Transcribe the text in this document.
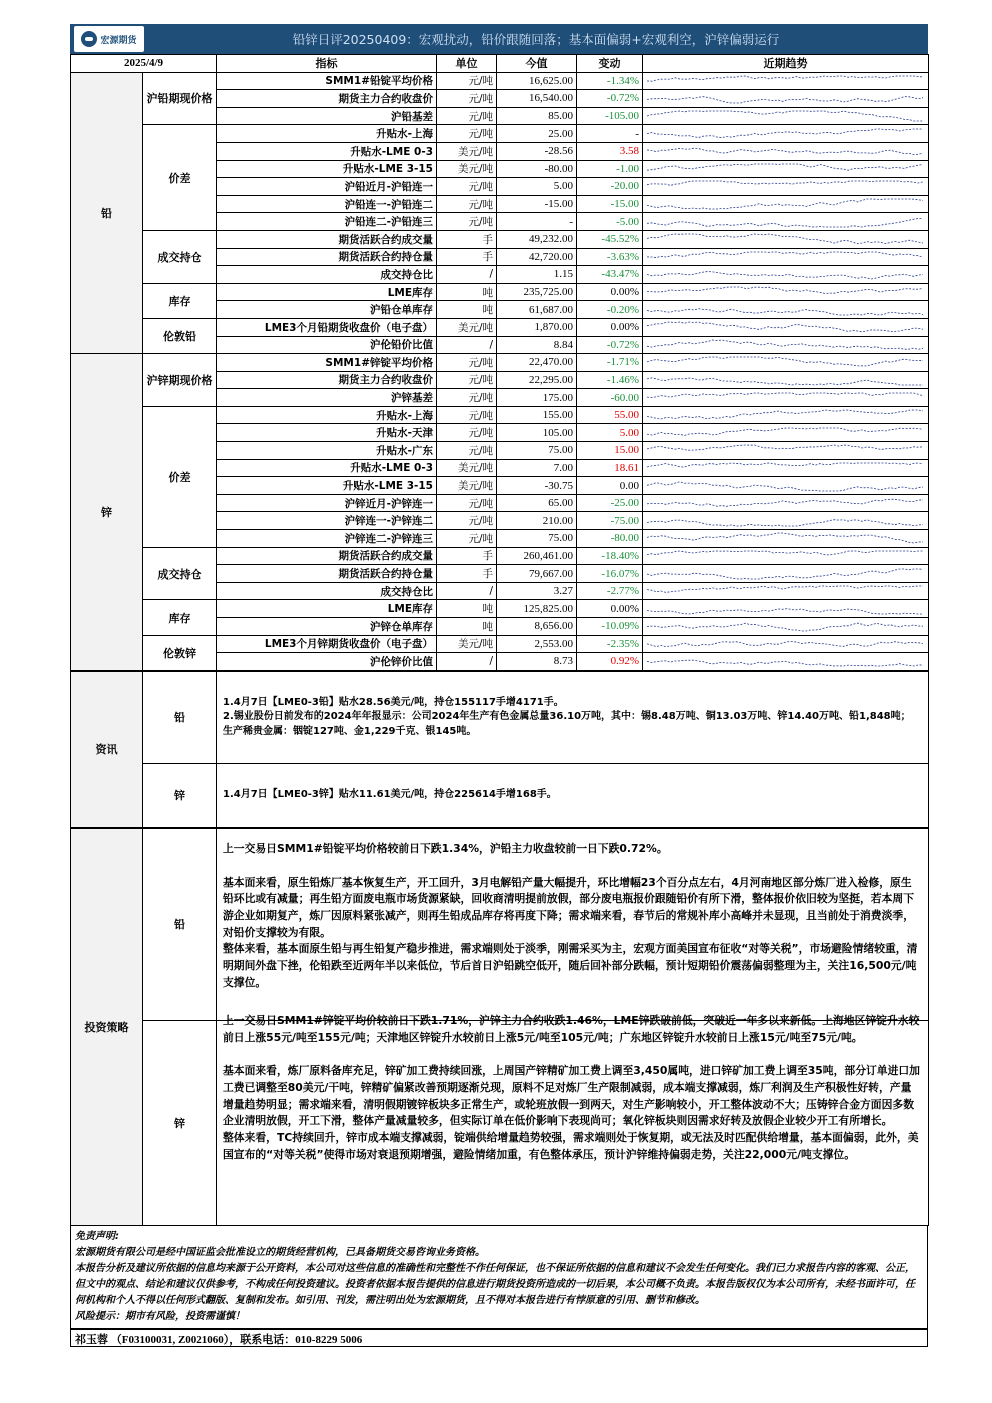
宏源期货	铅锌日评20250409：宏观扰动，铅价跟随回落；基本面偏弱+宏观利空，沪锌偏弱运行
2025/4/9		指标	单位	今值	变动	近期趋势
铅	沪铅期现价格	SMM1#铅锭平均价格	元/吨	16,625.00	-1.34%	

		期货主力合约收盘价	元/吨	16,540.00	-0.72%	

		沪铅基差	元/吨	85.00	-105.00	

	价差	升贴水-上海	元/吨	25.00	-	

		升贴水-LME 0-3	美元/吨	-28.56	3.58	

		升贴水-LME 3-15	美元/吨	-80.00	-1.00	

		沪铅近月-沪铅连一	元/吨	5.00	-20.00	

		沪铅连一-沪铅连二	元/吨	-15.00	-15.00	

		沪铅连二-沪铅连三	元/吨	-	-5.00	

	成交持仓	期货活跃合约成交量	手	49,232.00	-45.52%	

		期货活跃合约持仓量	手	42,720.00	-3.63%	

		成交持仓比	/	1.15	-43.47%	

	库存	LME库存	吨	235,725.00	0.00%	

		沪铅仓单库存	吨	61,687.00	-0.20%	

	伦敦铅	LME3个月铅期货收盘价（电子盘）	美元/吨	1,870.00	0.00%	

		沪伦铅价比值	/	8.84	-0.72%	

锌	沪锌期现价格	SMM1#锌锭平均价格	元/吨	22,470.00	-1.71%	

		期货主力合约收盘价	元/吨	22,295.00	-1.46%	

		沪锌基差	元/吨	175.00	-60.00	

	价差	升贴水-上海	元/吨	155.00	55.00	

		升贴水-天津	元/吨	105.00	5.00	

		升贴水-广东	元/吨	75.00	15.00	

		升贴水-LME 0-3	美元/吨	7.00	18.61	

		升贴水-LME 3-15	美元/吨	-30.75	0.00	

		沪锌近月-沪锌连一	元/吨	65.00	-25.00	

		沪锌连一-沪锌连二	元/吨	210.00	-75.00	

		沪锌连二-沪锌连三	元/吨	75.00	-80.00	

	成交持仓	期货活跃合约成交量	手	260,461.00	-18.40%	

		期货活跃合约持仓量	手	79,667.00	-16.07%	

		成交持仓比	/	3.27	-2.77%	

	库存	LME库存	吨	125,825.00	0.00%	

		沪锌仓单库存	吨	8,656.00	-10.09%	

	伦敦锌	LME3个月锌期货收盘价（电子盘）	美元/吨	2,553.00	-2.35%	

		沪伦锌价比值	/	8.73	0.92%	
资讯	铅	1.4月7日【LME0-3铅】贴水28.56美元/吨，持仓155117手增4171手。
2.锡业股份日前发布的2024年年报显示：公司2024年生产有色金属总量36.10万吨，其中：锡8.48万吨、铜13.03万吨、锌14.40万吨、铅1,848吨；生产稀贵金属：铟锭127吨、金1,229千克、银145吨。

	锌	1.4月7日【LME0-3锌】贴水11.61美元/吨，持仓225614手增168手。
投资策略	铅	上一交易日SMM1#铅锭平均价格较前日下跌1.34%，沪铅主力收盘较前一日下跌0.72%。

基本面来看，原生铅炼厂基本恢复生产，开工回升，3月电解铅产量大幅提升，环比增幅23个百分点左右，4月河南地区部分炼厂进入检修，原生铅环比或有减量；再生铅方面废电瓶市场货源紧缺，回收商清明提前放假，部分废电瓶报价跟随铅价有所下滑，整体报价依旧较为坚挺，若本周下游企业如期复产，炼厂因原料紧张减产，则再生铅成品库存将再度下降；需求端来看，春节后的常规补库小高峰并未显现，且当前处于消费淡季，对铅价支撑较为有限。

整体来看，基本面原生铅与再生铅复产稳步推进，需求端则处于淡季，刚需采买为主，宏观方面美国宣布征收“对等关税”，市场避险情绪较重，清明期间外盘下挫，伦铅跌至近两年半以来低位，节后首日沪铅跳空低开，随后回补部分跌幅，预计短期铅价震荡偏弱整理为主，关注16,500元/吨支撑位。

	锌	上一交易日SMM1#锌锭平均价较前日下跌1.71%，沪锌主力合约收跌1.46%，LME锌跌破前低，突破近一年多以来新低。上海地区锌锭升水较前日上涨55元/吨至155元/吨；天津地区锌锭升水较前日上涨5元/吨至105元/吨；广东地区锌锭升水较前日上涨15元/吨至75元/吨。

基本面来看，炼厂原料备库充足，锌矿加工费持续回涨，上周国产锌精矿加工费上调至3,450属吨，进口锌矿加工费上调至35吨，部分订单进口加工费已调整至80美元/干吨，锌精矿偏紧改善预期逐渐兑现，原料不足对炼厂生产限制减弱，成本端支撑减弱，炼厂利润及生产积极性好转，产量增量趋势明显；需求端来看，清明假期镀锌板块多正常生产，或轮班放假一到两天，对生产影响较小，开工整体波动不大；压铸锌合金方面因多数企业清明放假，开工下滑，整体产量减量较多，但实际订单在低价影响下表现尚可；氧化锌板块则因需求好转及放假企业较少开工有所增长。

整体来看，TC持续回升，锌市成本端支撑减弱，锭端供给增量趋势较强，需求端则处于恢复期，或无法及时匹配供给增量，基本面偏弱，此外，美国宣布的“对等关税”使得市场对衰退预期增强，避险情绪加重，有色整体承压，预计沪锌维持偏弱走势，关注22,000元/吨支撑位。

免责声明:
宏源期货有限公司是经中国证监会批准设立的期货经营机构，已具备期货交易咨询业务资格。
本报告分析及建议所依据的信息均来源于公开资料，本公司对这些信息的准确性和完整性不作任何保证，也不保证所依据的信息和建议不会发生任何变化。我们已力求报告内容的客观、公正，但文中的观点、结论和建议仅供参考，不构成任何投资建议。投资者依据本报告提供的信息进行期货投资所造成的一切后果，本公司概不负责。本报告版权仅为本公司所有，未经书面许可，任何机构和个人不得以任何形式翻版、复制和发布。如引用、刊发，需注明出处为宏源期货，且不得对本报告进行有悖原意的引用、删节和修改。
风险提示：期市有风险，投资需谨慎！
祁玉蓉 （F03100031, Z0021060），联系电话：010-8229 5006
